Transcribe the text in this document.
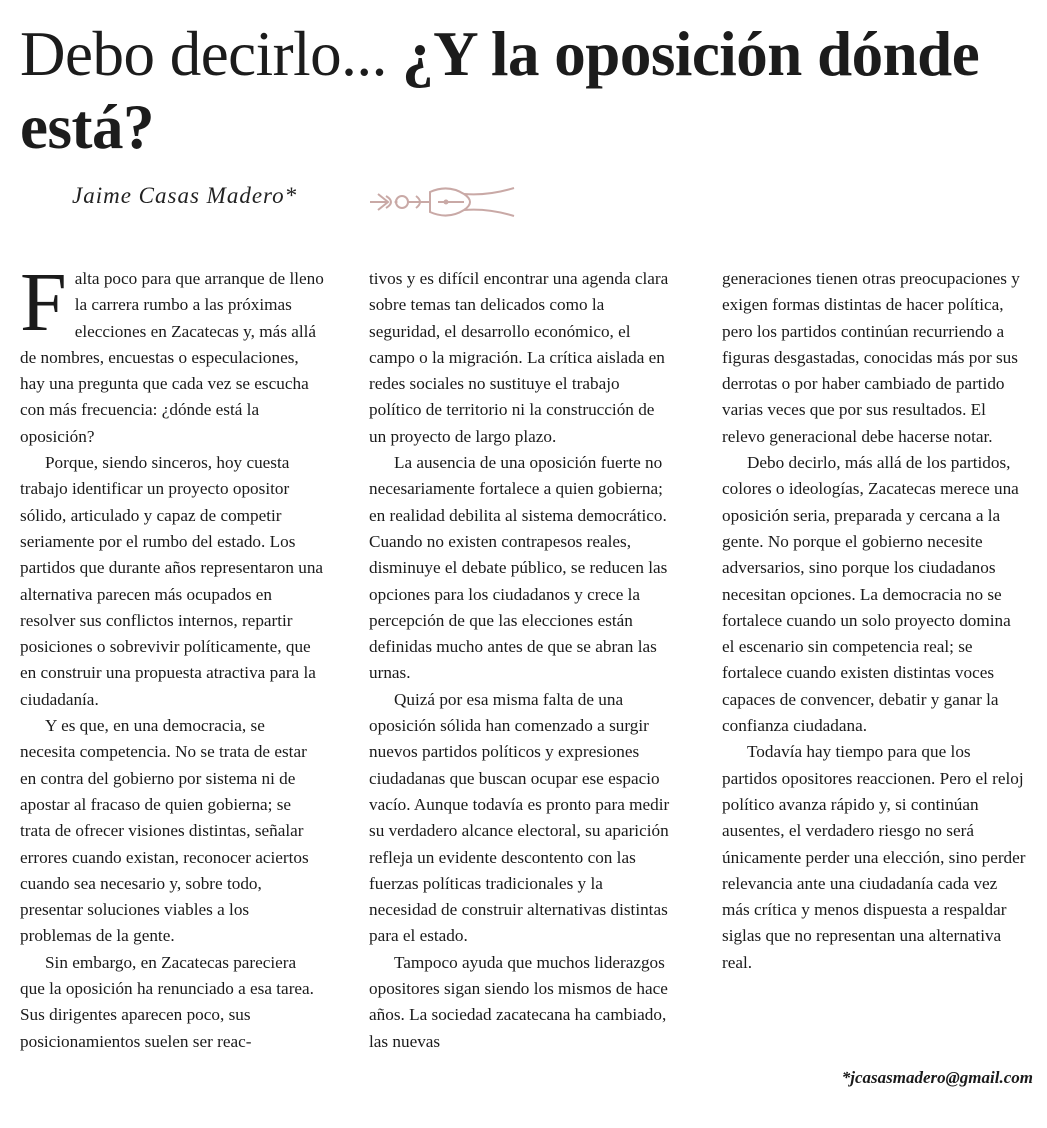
Debo decirlo... ¿Y la oposición dónde está?
Jaime Casas Madero*

Falta poco para que arranque de lleno la carrera rumbo a las próximas elecciones en Zacatecas y, más allá de nombres, encuestas o especulaciones, hay una pregunta que cada vez se escucha con más frecuencia: ¿dónde está la oposición?

Porque, siendo sinceros, hoy cuesta trabajo identificar un proyecto opositor sólido, articulado y capaz de competir seriamente por el rumbo del estado. Los partidos que durante años representaron una alternativa parecen más ocupados en resolver sus conflictos internos, repartir posiciones o sobrevivir políticamente, que en construir una propuesta atractiva para la ciudadanía.

Y es que, en una democracia, se necesita competencia. No se trata de estar en contra del gobierno por sistema ni de apostar al fracaso de quien gobierna; se trata de ofrecer visiones distintas, señalar errores cuando existan, reconocer aciertos cuando sea necesario y, sobre todo, presentar soluciones viables a los problemas de la gente.

Sin embargo, en Zacatecas pareciera que la oposición ha renunciado a esa tarea. Sus dirigentes aparecen poco, sus posicionamientos suelen ser reac-

tivos y es difícil encontrar una agenda clara sobre temas tan delicados como la seguridad, el desarrollo económico, el campo o la migración. La crítica aislada en redes sociales no sustituye el trabajo político de territorio ni la construcción de un proyecto de largo plazo.

La ausencia de una oposición fuerte no necesariamente fortalece a quien gobierna; en realidad debilita al sistema democrático. Cuando no existen contrapesos reales, disminuye el debate público, se reducen las opciones para los ciudadanos y crece la percepción de que las elecciones están definidas mucho antes de que se abran las urnas.

Quizá por esa misma falta de una oposición sólida han comenzado a surgir nuevos partidos políticos y expresiones ciudadanas que buscan ocupar ese espacio vacío. Aunque todavía es pronto para medir su verdadero alcance electoral, su aparición refleja un evidente descontento con las fuerzas políticas tradicionales y la necesidad de construir alternativas distintas para el estado.

Tampoco ayuda que muchos liderazgos opositores sigan siendo los mismos de hace años. La sociedad zacatecana ha cambiado, las nuevas

generaciones tienen otras preocupaciones y exigen formas distintas de hacer política, pero los partidos continúan recurriendo a figuras desgastadas, conocidas más por sus derrotas o por haber cambiado de partido varias veces que por sus resultados. El relevo generacional debe hacerse notar.

Debo decirlo, más allá de los partidos, colores o ideologías, Zacatecas merece una oposición seria, preparada y cercana a la gente. No porque el gobierno necesite adversarios, sino porque los ciudadanos necesitan opciones. La democracia no se fortalece cuando un solo proyecto domina el escenario sin competencia real; se fortalece cuando existen distintas voces capaces de convencer, debatir y ganar la confianza ciudadana.

Todavía hay tiempo para que los partidos opositores reaccionen. Pero el reloj político avanza rápido y, si continúan ausentes, el verdadero riesgo no será únicamente perder una elección, sino perder relevancia ante una ciudadanía cada vez más crítica y menos dispuesta a respaldar siglas que no representan una alternativa real.

*jcasasmadero@gmail.com
